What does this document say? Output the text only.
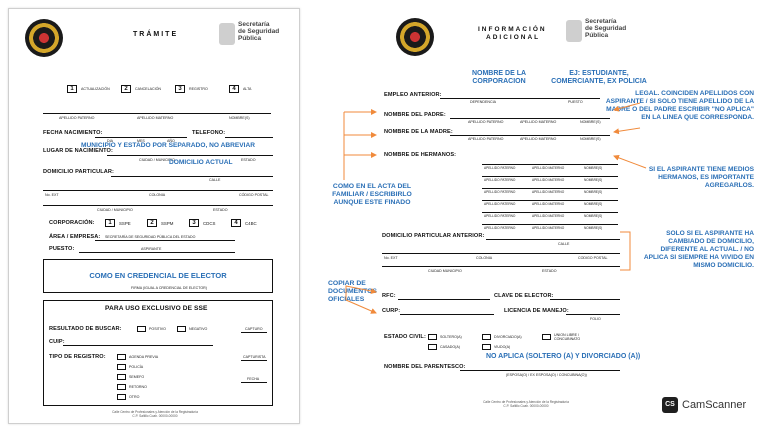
TRÁMITE
Secretaría
de Seguridad
Pública
1	ACTUALIZACIÓN	2	CANCELACIÓN	3	REGISTRO	4	ALTA
APELLIDO PATERNO	APELLIDO MATERNO	NOMBRE(S)
FECHA NACIMIENTO:
DIA	MES	AÑO
TELEFONO:
LUGAR DE NACIMIENTO:
MUNICIPIO Y ESTADO POR SEPARADO, NO ABREVIAR
CIUDAD / MUNICIPIO	ESTADO
DOMICILIO PARTICULAR:
DOMICILIO ACTUAL
CALLE
No. EXT	COLONIA	CÓDIGO POSTAL
CIUDAD / MUNICIPIO	ESTADO
CORPORACIÓN:	1	SSPE	2	SSPM	3	CDCS	4	C4BC
ÁREA / EMPRESA: SECRETARÍA DE SEGURIDAD PÚBLICA DEL ESTADO
PUESTO:	ASPIRANTE
COMO EN CREDENCIAL DE ELECTOR
FIRMA (IGUAL A CREDENCIAL DE ELECTOR)
PARA USO EXCLUSIVO DE SSE
RESULTADO DE BUSCAR:	POSITIVO	NEGATIVO	CAPTURO
CUIP:
TIPO DE REGISTRO:	AGENDA PREVIA
POLICÍA
SEMEFO
RETORNO
OTRO
CAPTURISTA
FECHA
Calle Centro de Profesionales y Atención de la Registraduría
C.P. Saltillo Coah. 00000-00000
INFORMACIÓN
ADICIONAL
Secretaría
de Seguridad
Pública
NOMBRE DE LA CORPORACION
EJ: ESTUDIANTE, COMERCIANTE, EX POLICIA
EMPLEO ANTERIOR:
DEPENDENCIA	PUESTO
NOMBRE DEL PADRE:
APELLIDO PATERNO	APELLIDO MATERNO	NOMBRE(S)
NOMBRE DE LA MADRE:
APELLIDO PATERNO	APELLIDO MATERNO	NOMBRE(S)
NOMBRE DE HERMANOS:
APELLIDO PATERNO	APELLIDO MATERNO	NOMBRE(S)
APELLIDO PATERNO	APELLIDO MATERNO	NOMBRE(S)
APELLIDO PATERNO	APELLIDO MATERNO	NOMBRE(S)
APELLIDO PATERNO	APELLIDO MATERNO	NOMBRE(S)
APELLIDO PATERNO	APELLIDO MATERNO	NOMBRE(S)
APELLIDO PATERNO	APELLIDO MATERNO	NOMBRE(S)
LEGAL. COINCIDEN APELLIDOS CON ASPIRANTE / SI SOLO TIENE APELLIDO DE LA MADRE O DEL PADRE ESCRIBIR "NO APLICA" EN LA LINEA QUE CORRESPONDA.
SI EL ASPIRANTE TIENE MEDIOS HERMANOS, ES IMPORTANTE AGREGARLOS.
COMO EN EL ACTA DEL FAMILIAR / ESCRIBIRLO AUNQUE ESTE FINADO
DOMICILIO PARTICULAR ANTERIOR:
CALLE
No. EXT	COLONIA	CODIGO POSTAL
CIUDAD MUNICIPIO	ESTADO
SOLO SI EL ASPIRANTE HA CAMBIADO DE DOMICILIO, DIFERENTE AL ACTUAL. / NO APLICA SI SIEMPRE HA VIVIDO EN MISMO DOMICILIO.
COPIAR DE DOCUMENTOS OFICIALES
RFC:	CLAVE DE ELECTOR:
CURP:	LICENCIA DE MANEJO:
FOLIO
ESTADO CIVIL:	SOLTERO(A)	DIVORCIADO(A)	UNION LIBRE / CONCUBINATO
CASADO(A)	VIUDO(A)
NOMBRE DEL PARENTESCO:
NO APLICA (SOLTERO (A) Y DIVORCIADO (A))
(ESPOSA(O) / EX ESPOSA(O) / CONCUBINA(O))
Calle Centro de Profesionales y Atención de la Registraduría
C.P. Saltillo Coah. 00000-00000	CS CamScanner
